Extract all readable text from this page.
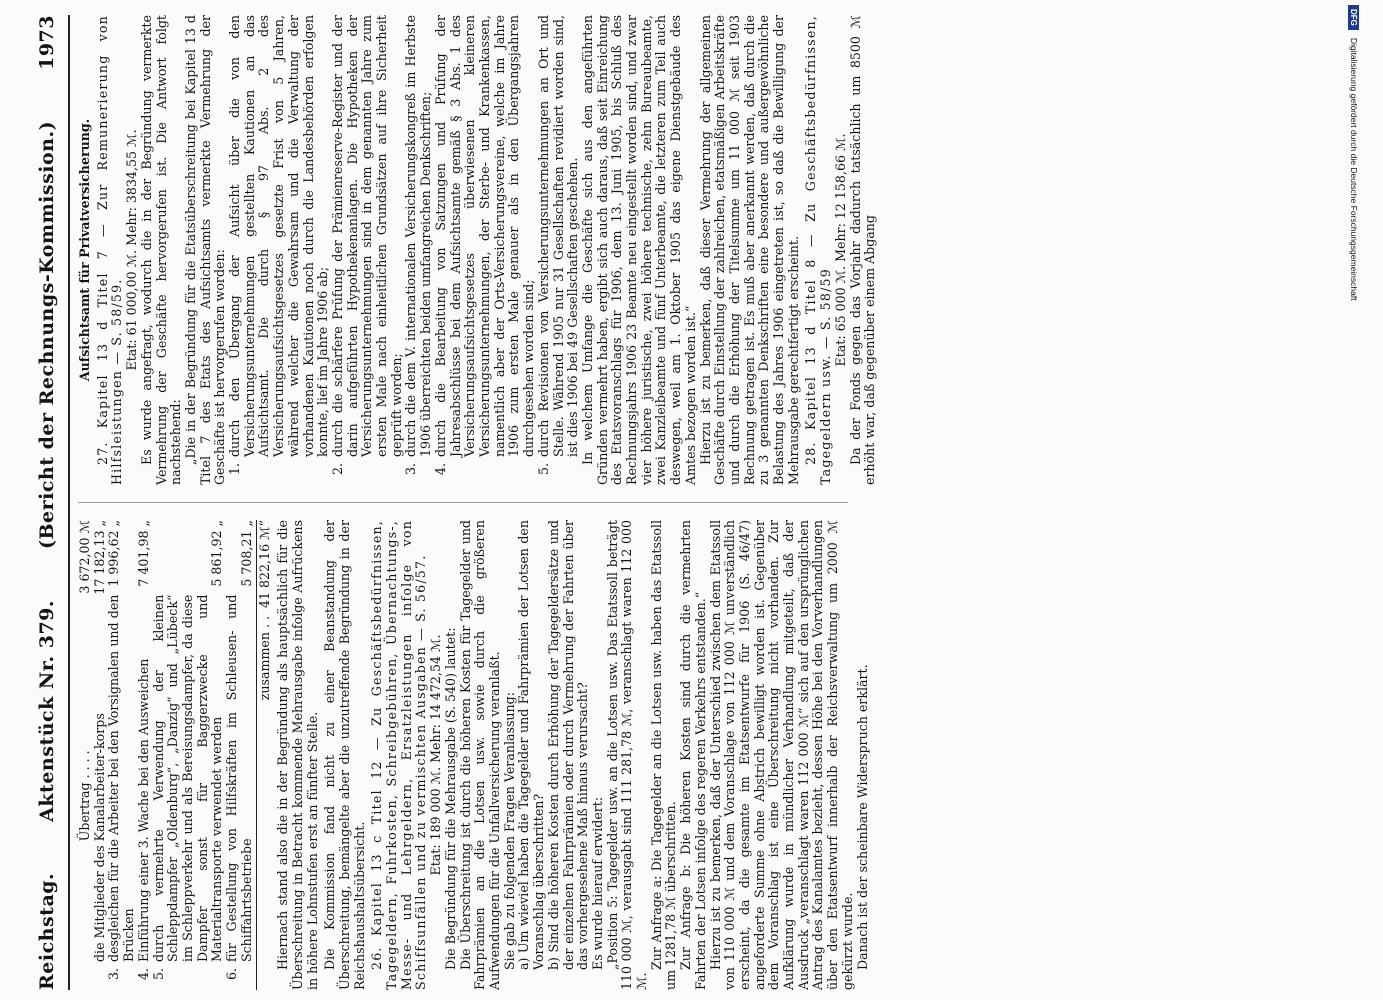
Reichstag.
Aktenstück Nr. 379.
(Bericht der Rechnungs-Kommission.)
1973
Übertrag . . . .
3 672,00 ℳ
die Mitglieder des Kanalarbeiter-korps
17 182,13 „
3.
desgleichen für die Arbeiter bei den Vorsignalen und den Brücken
1 996,62 „
4.
Einführung einer 3. Wache bei den Ausweichen
7 401,98 „
5.
durch vermehrte Verwendung der kleinen Schleppdampfer „Oldenburg“, „Danzig“ und „Lübeck“ im Schleppverkehr und als Bereisungsdampfer, da diese Dampfer sonst für Baggerzwecke und Materialtransporte verwendet werden
5 861,92 „
6.
für Gestellung von Hilfskräften im Schleusen- und Schiffahrtsbetriebe
5 708,21 „
zusammen . .
41 822,16 ℳ“ Hiernach stand also die in der Begründung als hauptsächlich für die Überschreitung in Betracht kommende Mehrausgabe infolge Aufrückens in höhere Lohnstufen erst an fünfter Stelle. Die Kommission fand nicht zu einer Beanstandung der Überschreitung, bemängelte aber die unzutreffende Begründung in der Reichshaushaltsübersicht. 26. Kapitel 13 c Titel 12 — Zu Geschäftsbedürfnissen, Tagegeldern, Fuhrkosten, Schreibgebühren, Übernachtungs-, Messe- und Lehrgeldern, Ersatzleistungen infolge von Schiffsunfällen und zu vermischten Ausgaben — S. 56/57. Etat: 189 000 ℳ. Mehr: 14 472,54 ℳ. Die Begründung für die Mehrausgabe (S. 540) lautet: Die Überschreitung ist durch die höheren Kosten für Tagegelder und Fahrprämien an die Lotsen usw. sowie durch die größeren Aufwendungen für die Unfallversicherung veranlaßt. Sie gab zu folgenden Fragen Veranlassung: a) Um wieviel haben die Tagegelder und Fahrprämien der Lotsen den Voranschlag überschritten? b) Sind die höheren Kosten durch Erhöhung der Tagegeldersätze und der einzelnen Fahrprämien oder durch Vermehrung der Fahrten über das vorhergesehene Maß hinaus verursacht? Es wurde hierauf erwidert: „Position 5: Tagegelder usw. an die Lotsen usw. Das Etatssoll beträgt 110 000 ℳ, verausgabt sind 111 281,78 ℳ, veranschlagt waren 112 000 ℳ.
Zur Anfrage a: Die Tagegelder an die Lotsen usw. haben das Etatssoll um 1281,78 ℳ überschritten. Zur Anfrage b: Die höheren Kosten sind durch die vermehrten Fahrten der Lotsen infolge des regeren Verkehrs entstanden.“ Hierzu ist zu bemerken, daß der Unterschied zwischen dem Etatssoll von 110 000 ℳ und dem Voranschlage von 112 000 ℳ unverständlich erscheint, da die gesamte im Etatsentwurfe für 1906 (S. 46/47) angeforderte Summe ohne Abstrich bewilligt worden ist. Gegenüber dem Voranschlag ist eine Überschreitung nicht vorhanden. Zur Aufklärung wurde in mündlicher Verhandlung mitgeteilt, daß der Ausdruck „veranschlagt waren 112 000 ℳ“ sich auf den ursprünglichen Antrag des Kanalamtes bezieht, dessen Höhe bei den Vorverhandlungen über den Etatsentwurf innerhalb der Reichsverwaltung um 2000 ℳ gekürzt wurde. Danach ist der scheinbare Widerspruch erklärt.
Aufsichtsamt für Privatversicherung. 27. Kapitel 13 d Titel 7 — Zur Remunerierung von Hilfsleistungen — S. 58/59.
Etat: 61 000,00 ℳ. Mehr: 3834,55 ℳ. Es wurde angefragt, wodurch die in der Begründung vermerkte Vermehrung der Geschäfte hervorgerufen ist. Die Antwort folgt nachstehend: „Die in der Begründung für die Etatsüberschreitung bei Kapitel 13 d Titel 7 des Etats des Aufsichtsamts vermerkte Vermehrung der Geschäfte ist hervorgerufen worden: 1.
durch den Übergang der Aufsicht über die von den Versicherungsunternehmungen gestellten Kautionen an das Aufsichtsamt. Die durch § 97 Abs. 2 des Versicherungsaufsichtsgesetzes gesetzte Frist von 5 Jahren, während welcher die Gewahrsam und die Verwaltung der vorhandenen Kautionen noch durch die Landesbehörden erfolgen konnte, lief im Jahre 1906 ab;
2.
durch die schärfere Prüfung der Prämienreserve-Register und der darin aufgeführten Hypothekenanlagen. Die Hypotheken der Versicherungsunternehmungen sind in dem genannten Jahre zum ersten Male nach einheitlichen Grundsätzen auf ihre Sicherheit geprüft worden;
3.
durch die dem V. internationalen Versicherungskongreß im Herbste 1906 überreichten beiden umfangreichen Denkschriften;
4.
durch die Bearbeitung von Satzungen und Prüfung der Jahresabschlüsse bei dem Aufsichtsamte gemäß § 3 Abs. 1 des Versicherungsaufsichtsgesetzes überwiesenen kleineren Versicherungsunternehmungen, der Sterbe- und Krankenkassen, namentlich aber der Orts-Versicherungsvereine, welche im Jahre 1906 zum ersten Male genauer als in den Übergangsjahren durchgesehen worden sind;
5.
durch Revisionen von Versicherungsunternehmungen an Ort und Stelle. Während 1905 nur 31 Gesellschaften revidiert worden sind, ist dies 1906 bei 49 Gesellschaften geschehen. In welchem Umfange die Geschäfte sich aus den angeführten Gründen vermehrt haben, ergibt sich auch daraus, daß seit Einreichung des Etatsvoranschlags für 1906, dem 13. Juni 1905, bis Schluß des Rechnungsjahrs 1906 23 Beamte neu eingestellt worden sind, und zwar vier höhere juristische, zwei höhere technische, zehn Bureaubeamte, zwei Kanzleibeamte und fünf Unterbeamte, die letzteren zum Teil auch deswegen, weil am 1. Oktober 1905 das eigene Dienstgebäude des Amtes bezogen worden ist.“ Hierzu ist zu bemerken, daß dieser Vermehrung der allgemeinen Geschäfte durch Einstellung der zahlreichen, etatsmäßigen Arbeitskräfte und durch die Erhöhung der Titelsumme um 11 000 ℳ seit 1903 Rechnung getragen ist. Es muß aber anerkannt werden, daß durch die zu 3 genannten Denkschriften eine besondere und außergewöhnliche Belastung des Jahres 1906 eingetreten ist, so daß die Bewilligung der Mehrausgabe gerechtfertigt erscheint. 28. Kapitel 13 d Titel 8 — Zu Geschäftsbedürfnissen, Tagegeldern usw. — S. 58/59
Etat: 65 000 ℳ. Mehr: 12 158,66 ℳ. Da der Fonds gegen das Vorjahr dadurch tatsächlich um 8500 ℳ erhöht war, daß gegenüber einem Abgang
DFG
Digitalisierung gefördert durch die Deutsche Forschungsgemeinschaft
